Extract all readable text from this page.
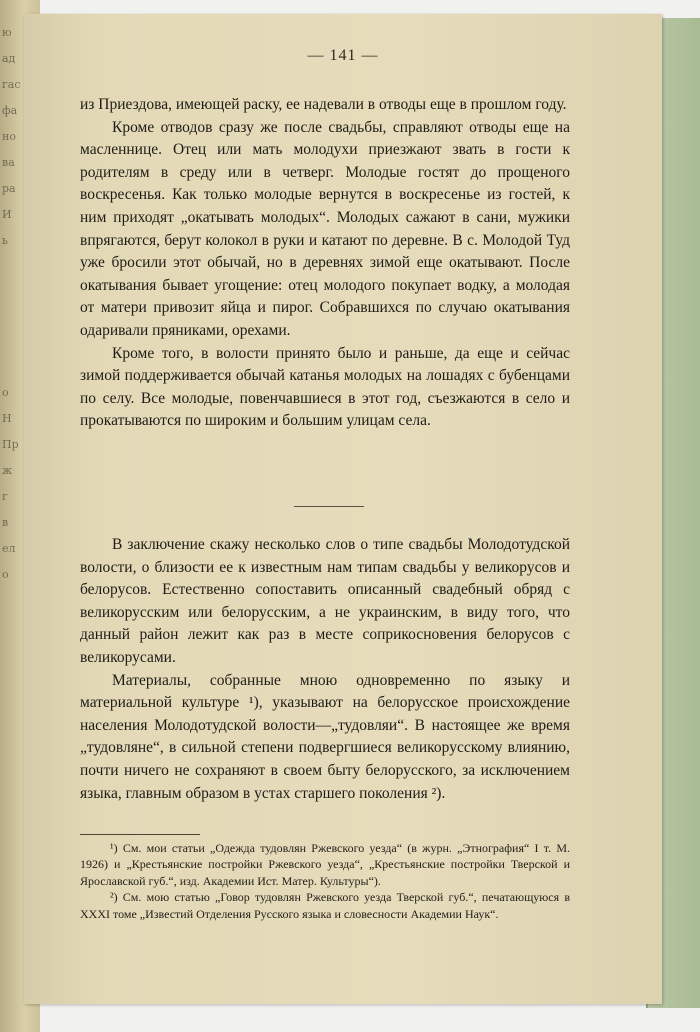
ю
ад
гас
фа
но
ва
ра
И
ь
о
Н
Пр
ж
г
в
ел
о
— 141 —

из Приездова, имеющей раску, ее надевали в отводы еще в прошлом году.

Кроме отводов сразу же после свадьбы, справляют отводы еще на масленнице. Отец или мать молодухи приезжают звать в гости к родителям в среду или в четверг. Молодые гостят до прощеного воскресенья. Как только молодые вернутся в воскресенье из гостей, к ним приходят „окатывать молодых“. Молодых сажают в сани, мужики впрягаются, берут колокол в руки и катают по деревне. В с. Молодой Туд уже бросили этот обычай, но в деревнях зимой еще окатывают. После окатывания бывает угощение: отец молодого покупает водку, а молодая от матери привозит яйца и пирог. Собравшихся по случаю окатывания одаривали пряниками, орехами.

Кроме того, в волости принято было и раньше, да еще и сейчас зимой поддерживается обычай катанья молодых на лошадях с бубенцами по селу. Все молодые, повенчавшиеся в этот год, съезжаются в село и прокатываются по широким и большим улицам села.

В заключение скажу несколько слов о типе свадьбы Молодотудской волости, о близости ее к известным нам типам свадьбы у великорусов и белорусов. Естественно сопоставить описанный свадебный обряд с великорусским или белорусским, а не украинским, в виду того, что данный район лежит как раз в месте соприкосновения белорусов с великорусами.

Материалы, собранные мною одновременно по языку и материальной культуре ¹), указывают на белорусское происхождение населения Молодотудской волости—„тудовляи“. В настоящее же время „тудовляне“, в сильной степени подвергшиеся великорусскому влиянию, почти ничего не сохраняют в своем быту белорусского, за исключением языка, главным образом в устах старшего поколения ²).

¹) См. мои статьи „Одежда тудовлян Ржевского уезда“ (в журн. „Этнография“ I т. М. 1926) и „Крестьянские постройки Ржевского уезда“, „Крестьянские постройки Тверской и Ярославской губ.“, изд. Академии Ист. Матер. Культуры“).

²) См. мою статью „Говор тудовлян Ржевского уезда Тверской губ.“, печатающуюся в XXXI томе „Известий Отделения Русского языка и словесности Академии Наук“.
